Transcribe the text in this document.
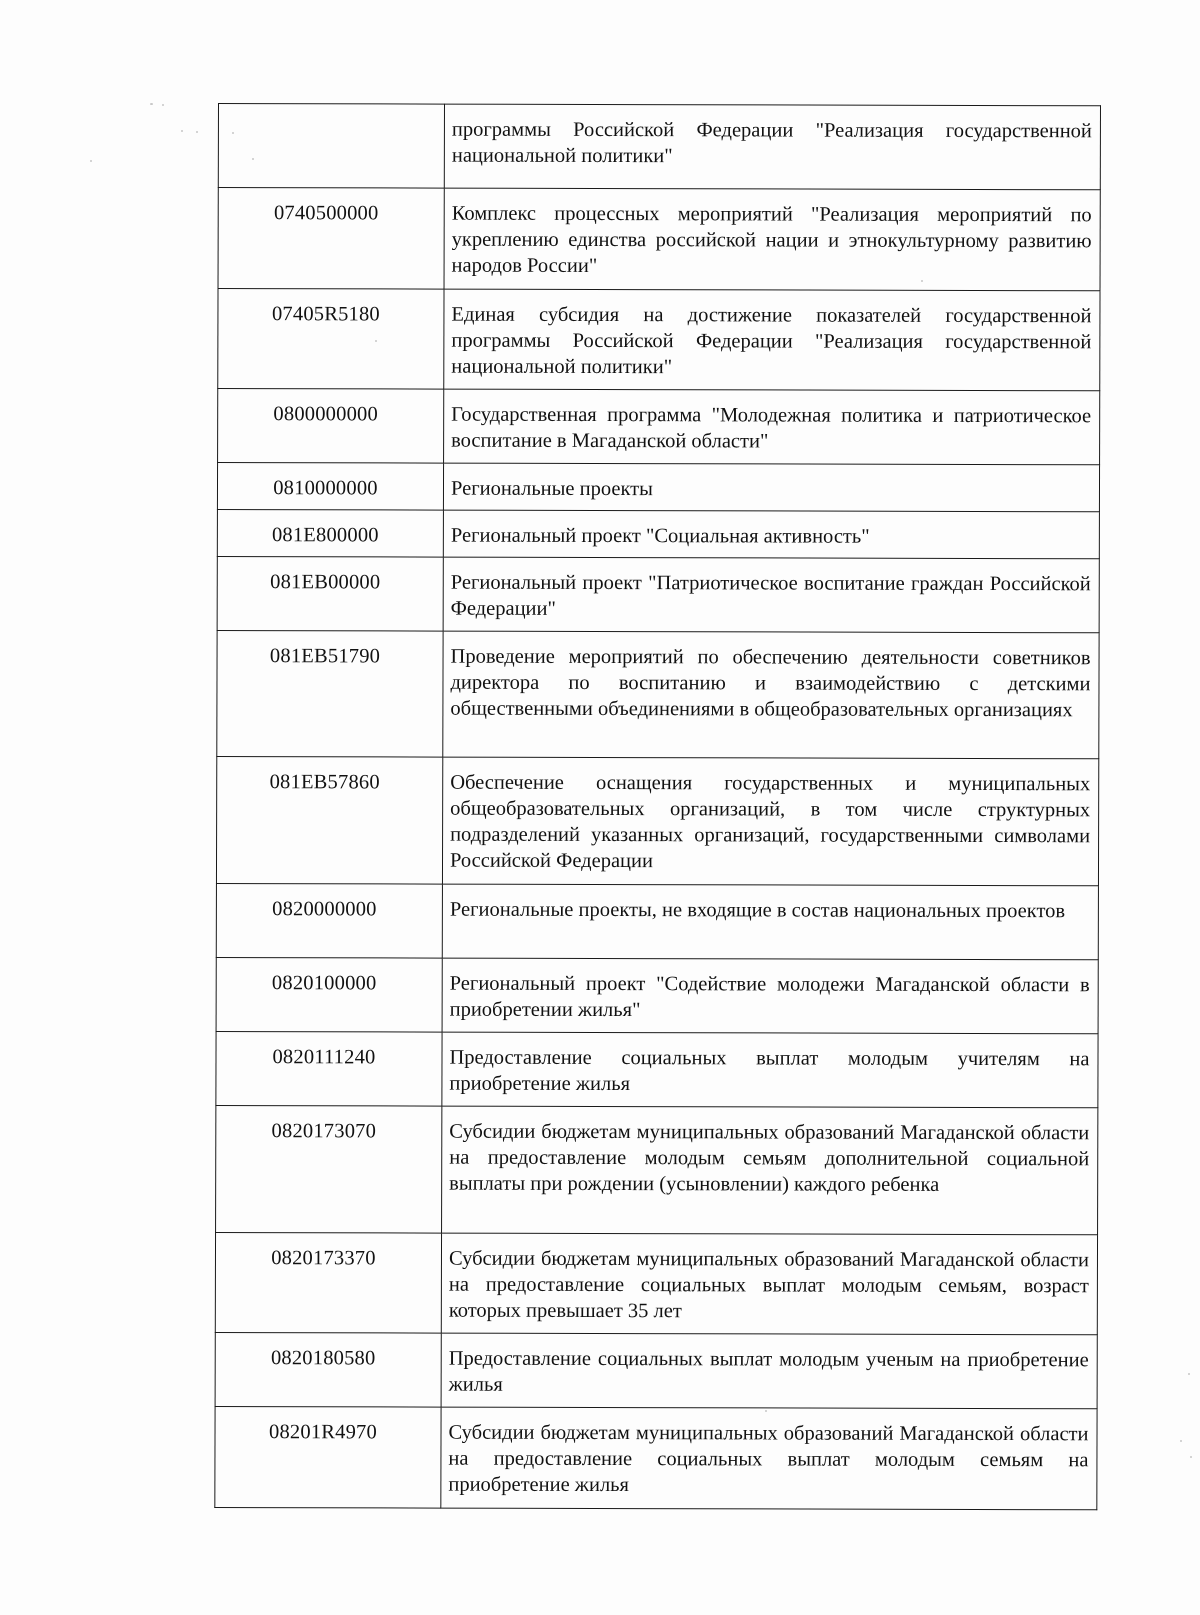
	программы Российской Федерации "Реализация государственной национальной политики"
0740500000	Комплекс процессных мероприятий "Реализация мероприятий по укреплению единства российской нации и этнокультурному развитию народов России"
07405R5180	Единая субсидия на достижение показателей государственной программы Российской Федерации "Реализация государственной национальной политики"
0800000000	Государственная программа "Молодежная политика и патриотическое воспитание в Магаданской области"
0810000000	Региональные проекты
081E800000	Региональный проект "Социальная активность"
081EB00000	Региональный проект "Патриотическое воспитание граждан Российской Федерации"
081EB51790	Проведение мероприятий по обеспечению деятельности советников директора по воспитанию и взаимодействию с детскими общественными объединениями в общеобразовательных организациях
081EB57860	Обеспечение оснащения государственных и муниципальных общеобразовательных организаций, в том числе структурных подразделений указанных организаций, государственными символами Российской Федерации
0820000000	Региональные проекты, не входящие в состав национальных проектов
0820100000	Региональный проект "Содействие молодежи Магаданской области в приобретении жилья"
0820111240	Предоставление социальных выплат молодым учителям на приобретение жилья
0820173070	Субсидии бюджетам муниципальных образований Магаданской области на предоставление молодым семьям дополнительной социальной выплаты при рождении (усыновлении) каждого ребенка
0820173370	Субсидии бюджетам муниципальных образований Магаданской области на предоставление социальных выплат молодым семьям, возраст которых превышает 35 лет
0820180580	Предоставление социальных выплат молодым ученым на приобретение жилья
08201R4970	Субсидии бюджетам муниципальных образований Магаданской области на предоставление социальных выплат молодым семьям на приобретение жилья
